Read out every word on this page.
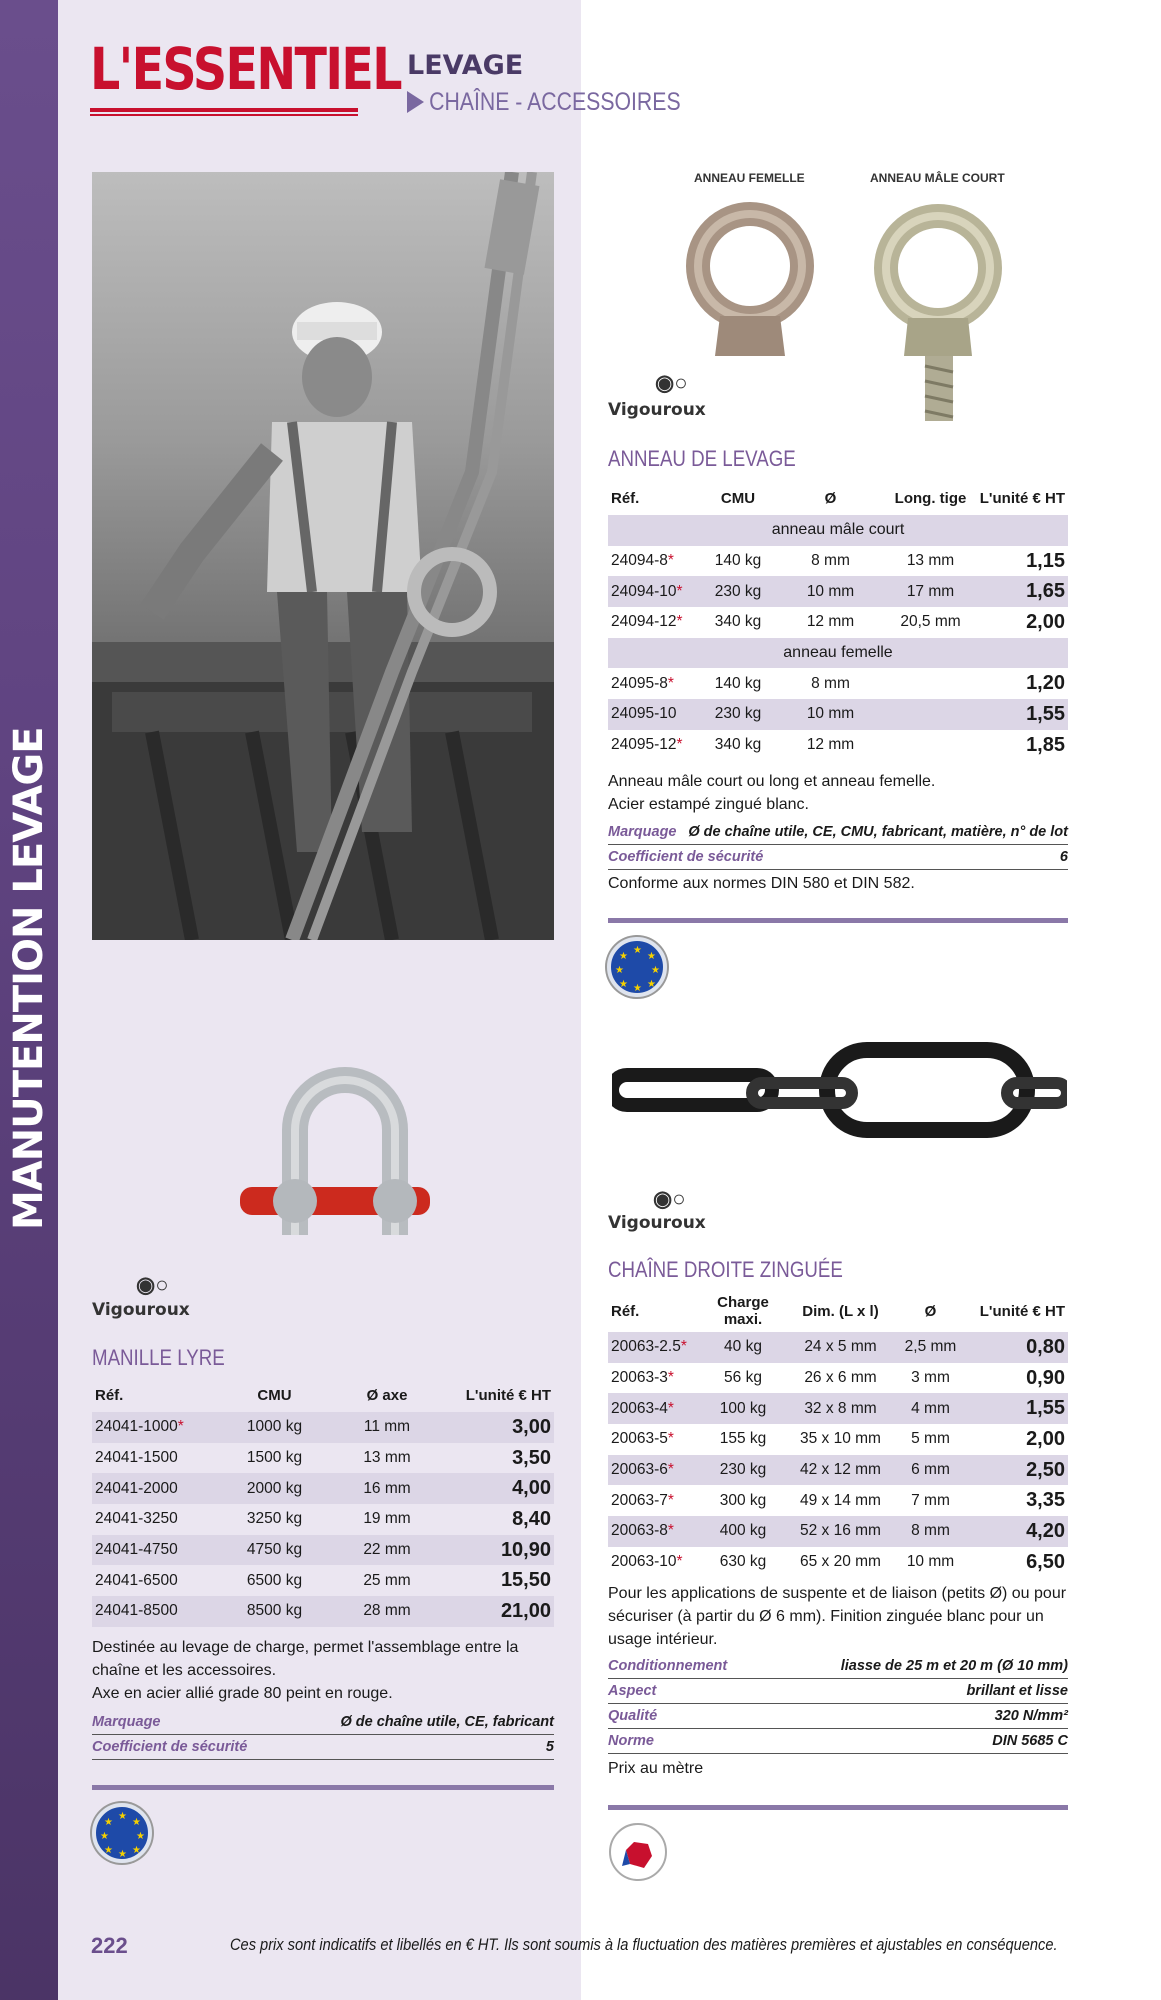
MANUTENTION LEVAGE
L'ESSENTIEL LEVAGE
CHAÎNE - ACCESSOIRES
ANNEAU FEMELLE	ANNEAU MÂLE COURT
◉○
Vigouroux
ANNEAU DE LEVAGE
Réf.	CMU	Ø	Long. tige	L'unité € HT
anneau mâle court				
24094-8*	140 kg	8 mm	13 mm	1,15
24094-10*	230 kg	10 mm	17 mm	1,65
24094-12*	340 kg	12 mm	20,5 mm	2,00
anneau femelle				
24095-8*	140 kg	8 mm		1,20
24095-10	230 kg	10 mm		1,55
24095-12*	340 kg	12 mm		1,85
Anneau mâle court ou long et anneau femelle.
Acier estampé zingué blanc.
Marquage Ø de chaîne utile, CE, CMU, fabricant, matière, n° de lot
Coefficient de sécurité	6
Conforme aux normes DIN 580 et DIN 582.
★
★
★
★
★
★
★
★
◉○
Vigouroux
CHAÎNE DROITE ZINGUÉE
Réf.	Charge maxi.	Dim. (L x l)	Ø	L'unité € HT
20063-2.5*	40 kg	24 x 5 mm	2,5 mm	0,80
20063-3*	56 kg	26 x 6 mm	3 mm	0,90
20063-4*	100 kg	32 x 8 mm	4 mm	1,55
20063-5*	155 kg	35 x 10 mm	5 mm	2,00
20063-6*	230 kg	42 x 12 mm	6 mm	2,50
20063-7*	300 kg	49 x 14 mm	7 mm	3,35
20063-8*	400 kg	52 x 16 mm	8 mm	4,20
20063-10*	630 kg	65 x 20 mm	10 mm	6,50
Pour les applications de suspente et de liaison (petits Ø) ou pour sécuriser (à partir du Ø 6 mm). Finition zinguée blanc pour un usage intérieur.
Conditionnement	liasse de 25 m et 20 m (Ø 10 mm)
Aspect	brillant et lisse
Qualité	320 N/mm²
Norme	DIN 5685 C
Prix au mètre
◉○
Vigouroux
MANILLE LYRE
Réf.	CMU	Ø axe	L'unité € HT
24041-1000*	1000 kg	11 mm	3,00
24041-1500	1500 kg	13 mm	3,50
24041-2000	2000 kg	16 mm	4,00
24041-3250	3250 kg	19 mm	8,40
24041-4750	4750 kg	22 mm	10,90
24041-6500	6500 kg	25 mm	15,50
24041-8500	8500 kg	28 mm	21,00
Destinée au levage de charge, permet l'assemblage entre la chaîne et les accessoires.
Axe en acier allié grade 80 peint en rouge.
Marquage	Ø de chaîne utile, CE, fabricant
Coefficient de sécurité	5
★
★
★
★
★
★
★
★
222	Ces prix sont indicatifs et libellés en € HT. Ils sont soumis à la fluctuation des matières premières et ajustables en conséquence.
